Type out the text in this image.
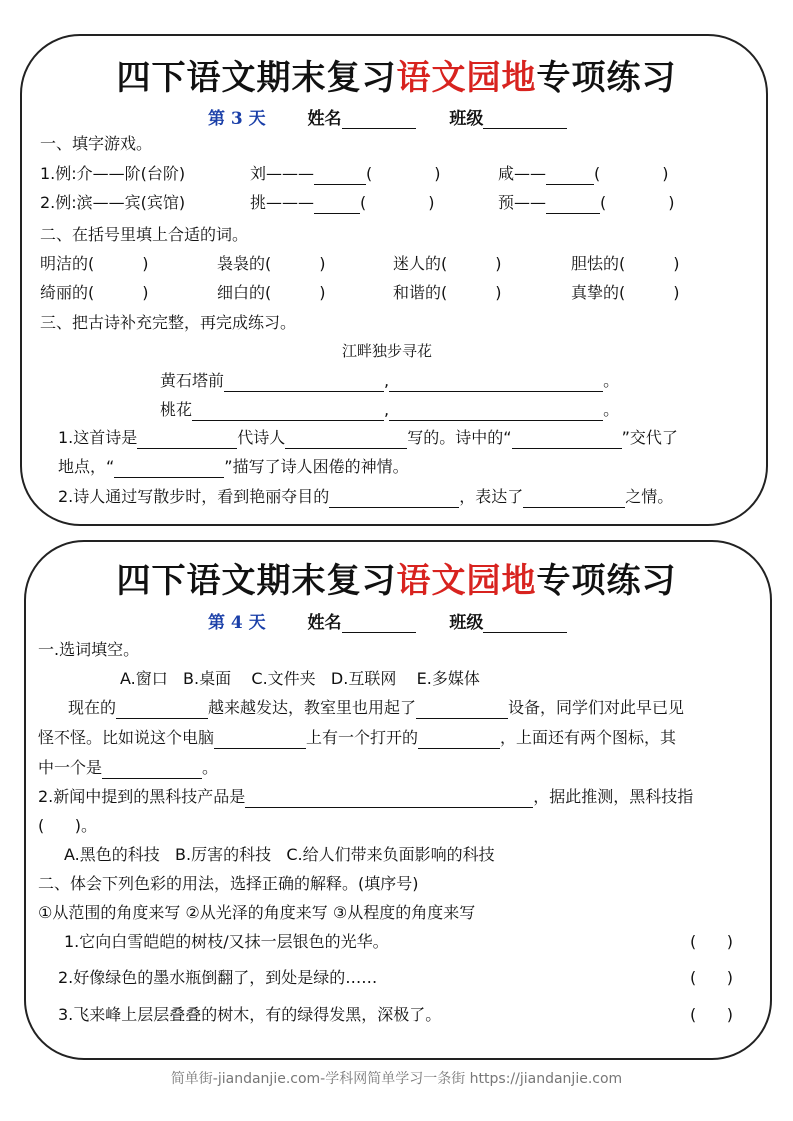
四下语文期末复习语文园地专项练习
第 3 天 姓名	班级
一、填字游戏。
1.例:介——阶(台阶)	刘———	(	)	咸——	(	)
2.例:滨——宾(宾馆)	挑———	(	)	预——	(	)
二、在括号里填上合适的词。
明洁的(	)	袅袅的(	)	迷人的(	)	胆怯的(	)
绮丽的(	)	细白的(	)	和谐的(	)	真挚的(	)
三、把古诗补充完整，再完成练习。
江畔独步寻花
黄石塔前	,	。
桃花	,	。
1.这首诗是	代诗人	写的。诗中的“	”交代了
地点，“	”描写了诗人困倦的神情。
2.诗人通过写散步时，看到艳丽夺目的	，表达了	之情。
四下语文期末复习语文园地专项练习
第 4 天 姓名	班级
一.选词填空。
A.窗口   B.桌面    C.文件夹   D.互联网    E.多媒体
现在的	越来越发达，教室里也用起了	设备，同学们对此早已见
怪不怪。比如说这个电脑	上有一个打开的	，上面还有两个图标，其
中一个是	。
2.新闻中提到的黑科技产品是	，据此推测，黑科技指
(      )。
A.黑色的科技   B.厉害的科技   C.给人们带来负面影响的科技
二、体会下列色彩的用法，选择正确的解释。(填序号)
①从范围的角度来写 ②从光泽的角度来写 ③从程度的角度来写
1.它向白雪皑皑的树枝/又抹一层银色的光华。	(      )
2.好像绿色的墨水瓶倒翻了，到处是绿的……	(      )
3.飞来峰上层层叠叠的树木，有的绿得发黑，深极了。	(      )
简单街-jiandanjie.com-学科网简单学习一条街 https://jiandanjie.com
